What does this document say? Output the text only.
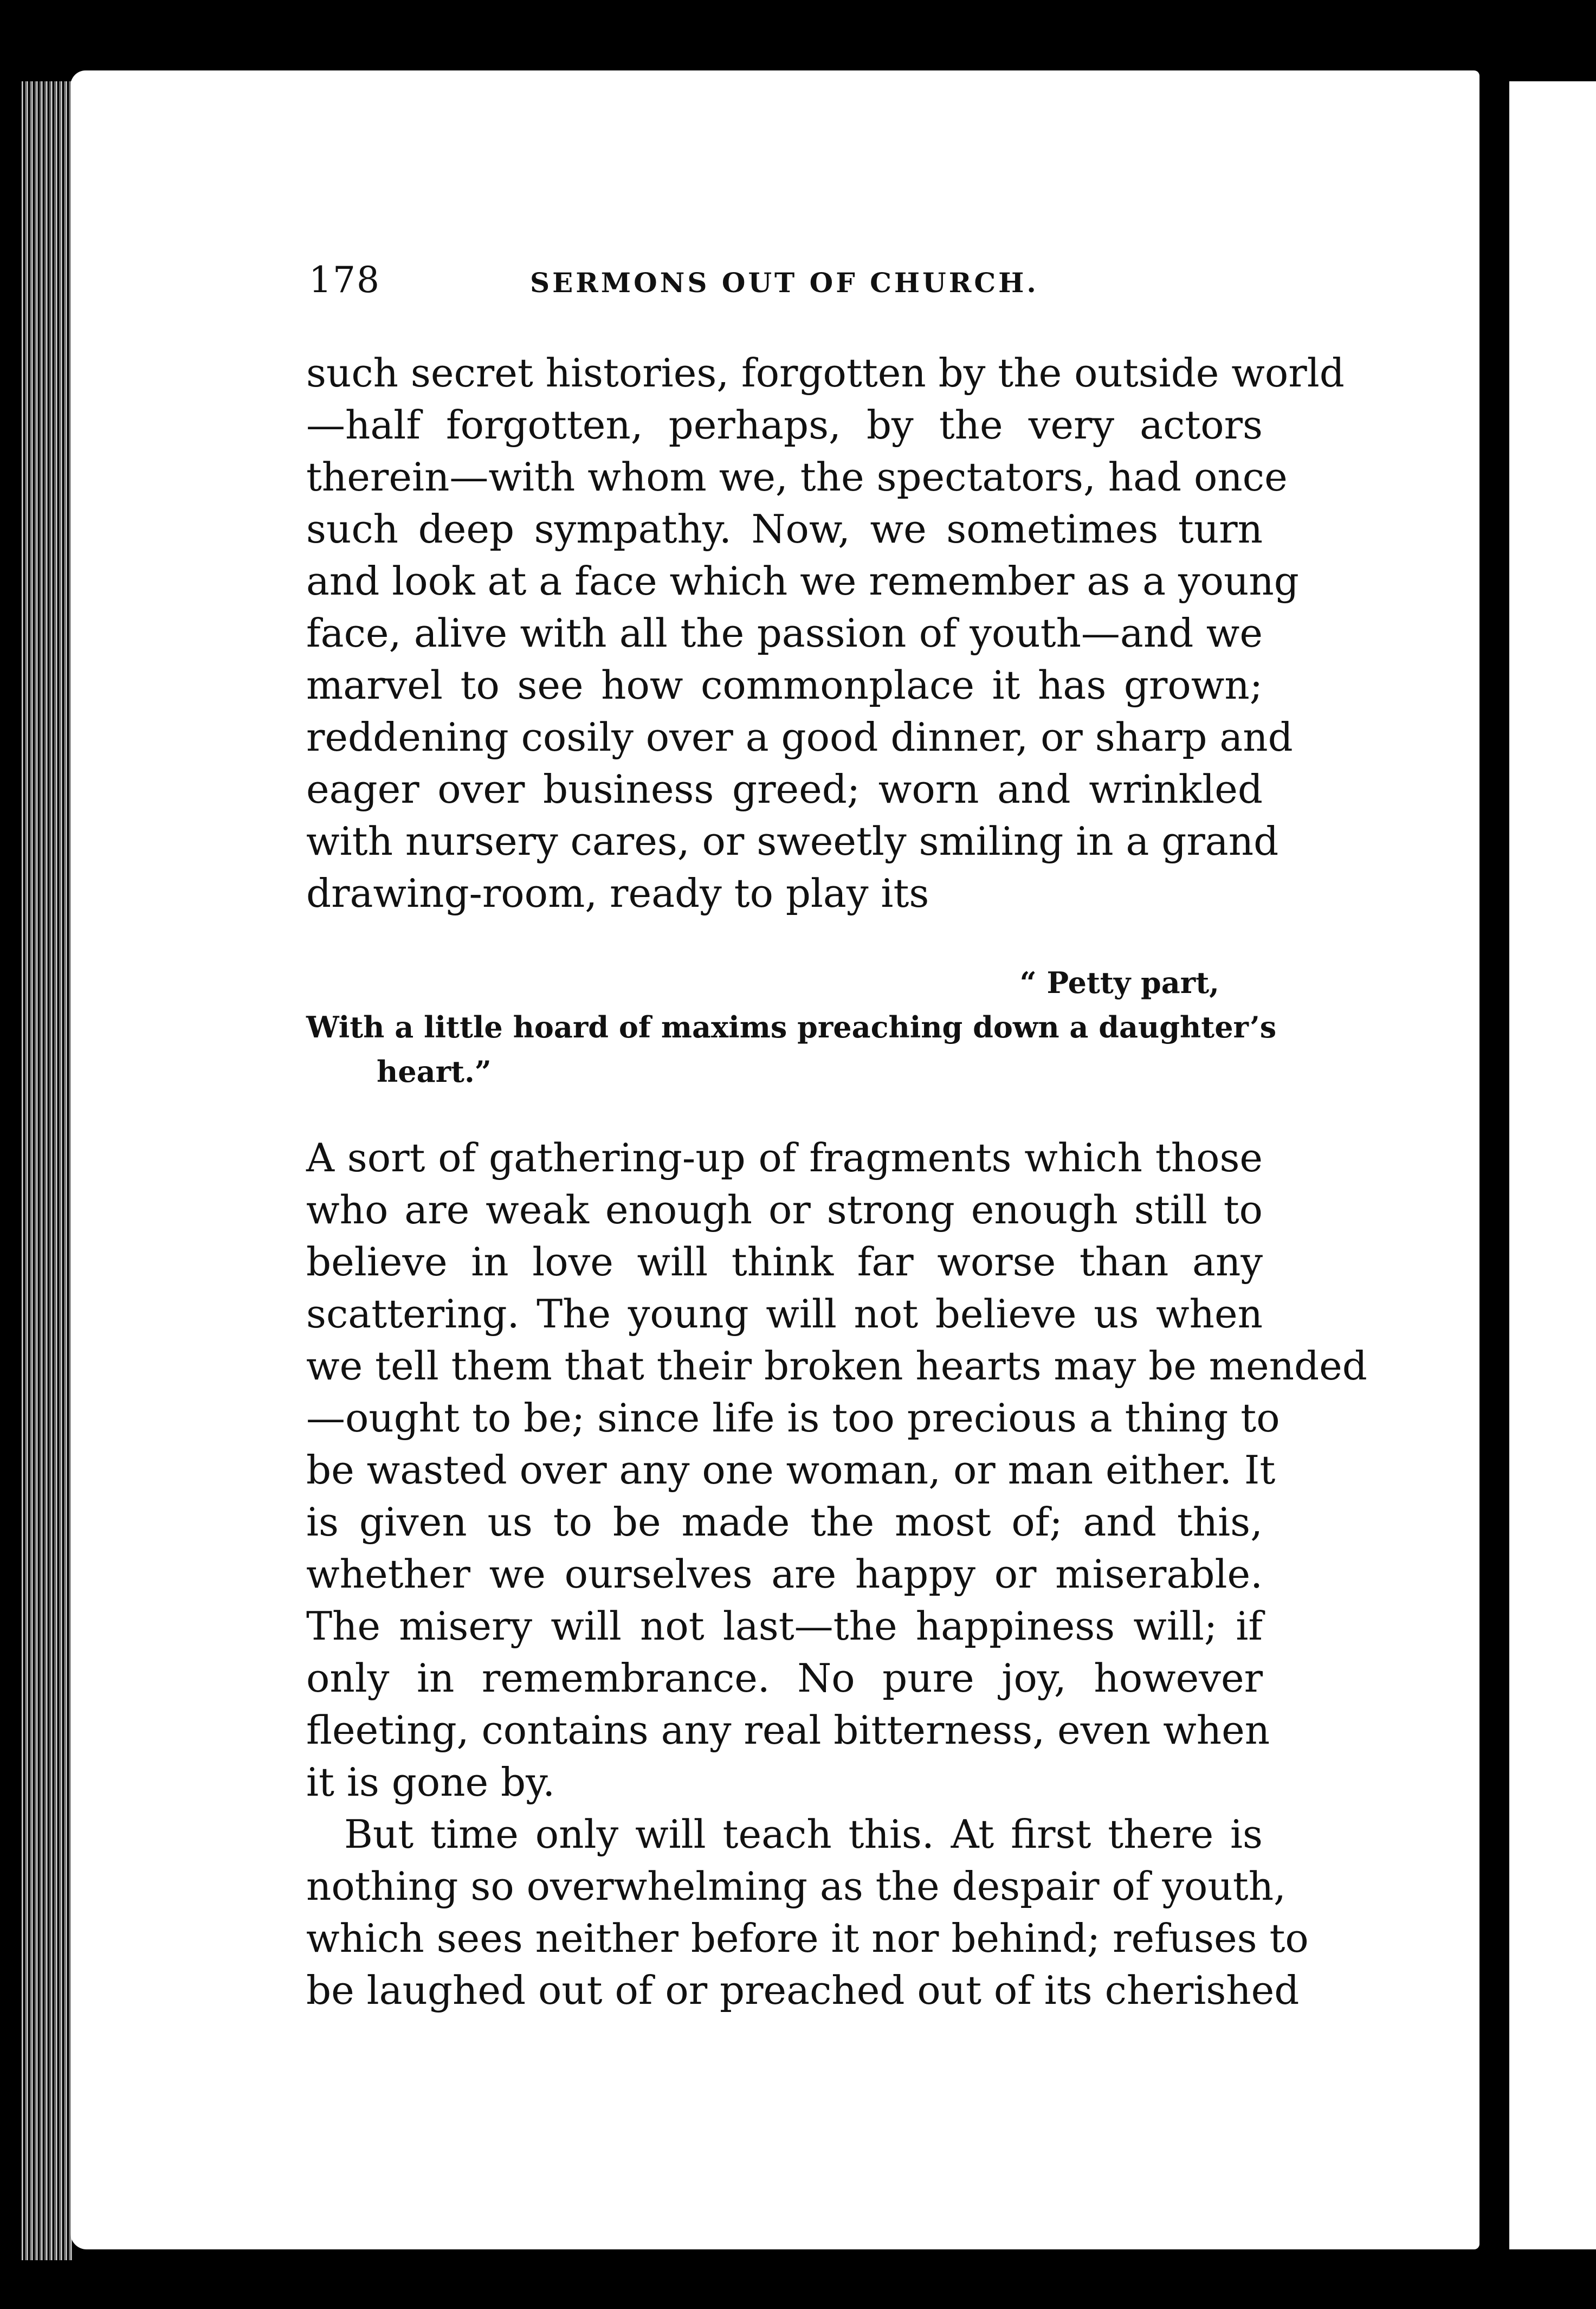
178	SERMONS OUT OF CHURCH.
such secret histories, forgotten by the outside world
—half forgotten, perhaps, by the very actors
therein—with whom we, the spectators, had once
such deep sympathy. Now, we sometimes turn
and look at a face which we remember as a young
face, alive with all the passion of youth—and we
marvel to see how commonplace it has grown;
reddening cosily over a good dinner, or sharp and
eager over business greed; worn and wrinkled
with nursery cares, or sweetly smiling in a grand
drawing-room, ready to play its
“ Petty part,
With a little hoard of maxims preaching down a daughter’s
heart.”
A sort of gathering-up of fragments which those
who are weak enough or strong enough still to
believe in love will think far worse than any
scattering. The young will not believe us when
we tell them that their broken hearts may be mended
—ought to be; since life is too precious a thing to
be wasted over any one woman, or man either. It
is given us to be made the most of; and this,
whether we ourselves are happy or miserable.
The misery will not last—the happiness will; if
only in remembrance. No pure joy, however
fleeting, contains any real bitterness, even when
it is gone by.
But time only will teach this. At first there is
nothing so overwhelming as the despair of youth,
which sees neither before it nor behind; refuses to
be laughed out of or preached out of its cherished
